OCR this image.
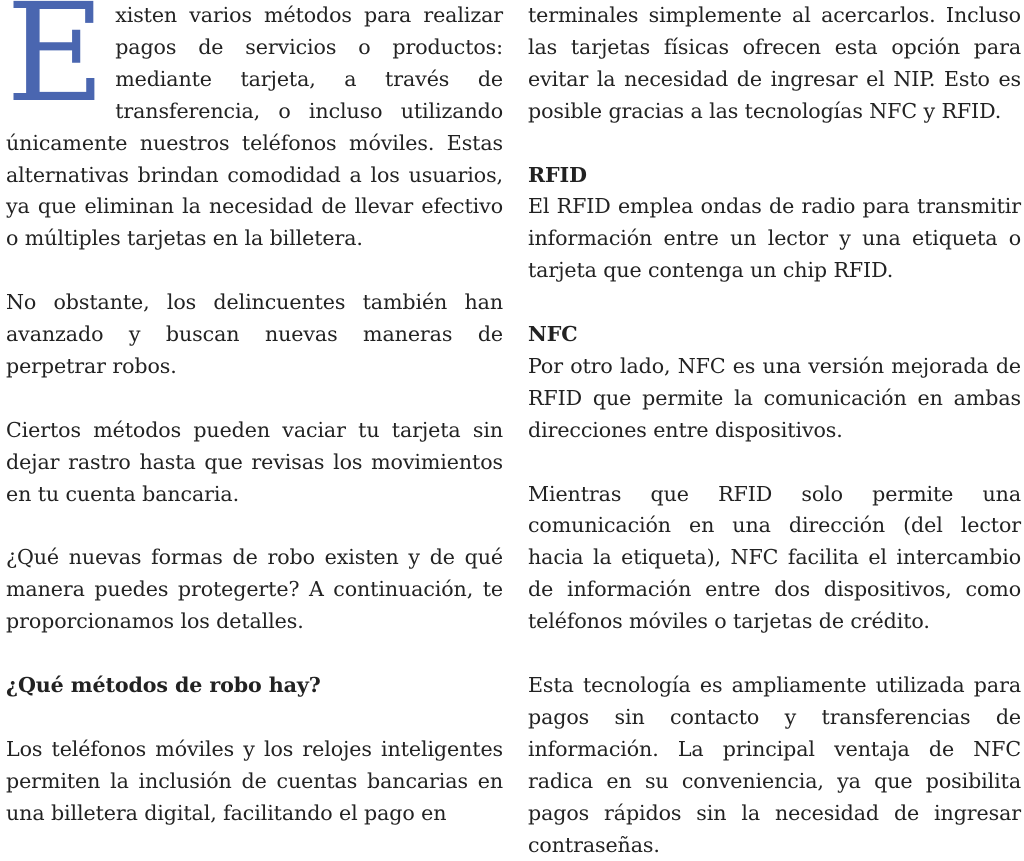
Existen varios métodos para realizar pagos de servicios o productos: mediante tarjeta, a través de transferencia, o incluso utilizando únicamente nuestros teléfonos móviles. Estas alternativas brindan comodidad a los usuarios, ya que eliminan la necesidad de llevar efectivo o múltiples tarjetas en la billetera.

No obstante, los delincuentes también han avanzado y buscan nuevas maneras de perpetrar robos.

Ciertos métodos pueden vaciar tu tarjeta sin dejar rastro hasta que revisas los movimientos en tu cuenta bancaria.

¿Qué nuevas formas de robo existen y de qué manera puedes protegerte? A continuación, te proporcionamos los detalles.

¿Qué métodos de robo hay?

Los teléfonos móviles y los relojes inteligentes permiten la inclusión de cuentas bancarias en una billetera digital, facilitando el pago en

terminales simplemente al acercarlos. Incluso las tarjetas físicas ofrecen esta opción para evitar la necesidad de ingresar el NIP. Esto es posible gracias a las tecnologías NFC y RFID.

RFID

El RFID emplea ondas de radio para transmitir información entre un lector y una etiqueta o tarjeta que contenga un chip RFID.

NFC

Por otro lado, NFC es una versión mejorada de RFID que permite la comunicación en ambas direcciones entre dispositivos.

Mientras que RFID solo permite una comunicación en una dirección (del lector hacia la etiqueta), NFC facilita el intercambio de información entre dos dispositivos, como teléfonos móviles o tarjetas de crédito.

Esta tecnología es ampliamente utilizada para pagos sin contacto y transferencias de información. La principal ventaja de NFC radica en su conveniencia, ya que posibilita pagos rápidos sin la necesidad de ingresar contraseñas.
